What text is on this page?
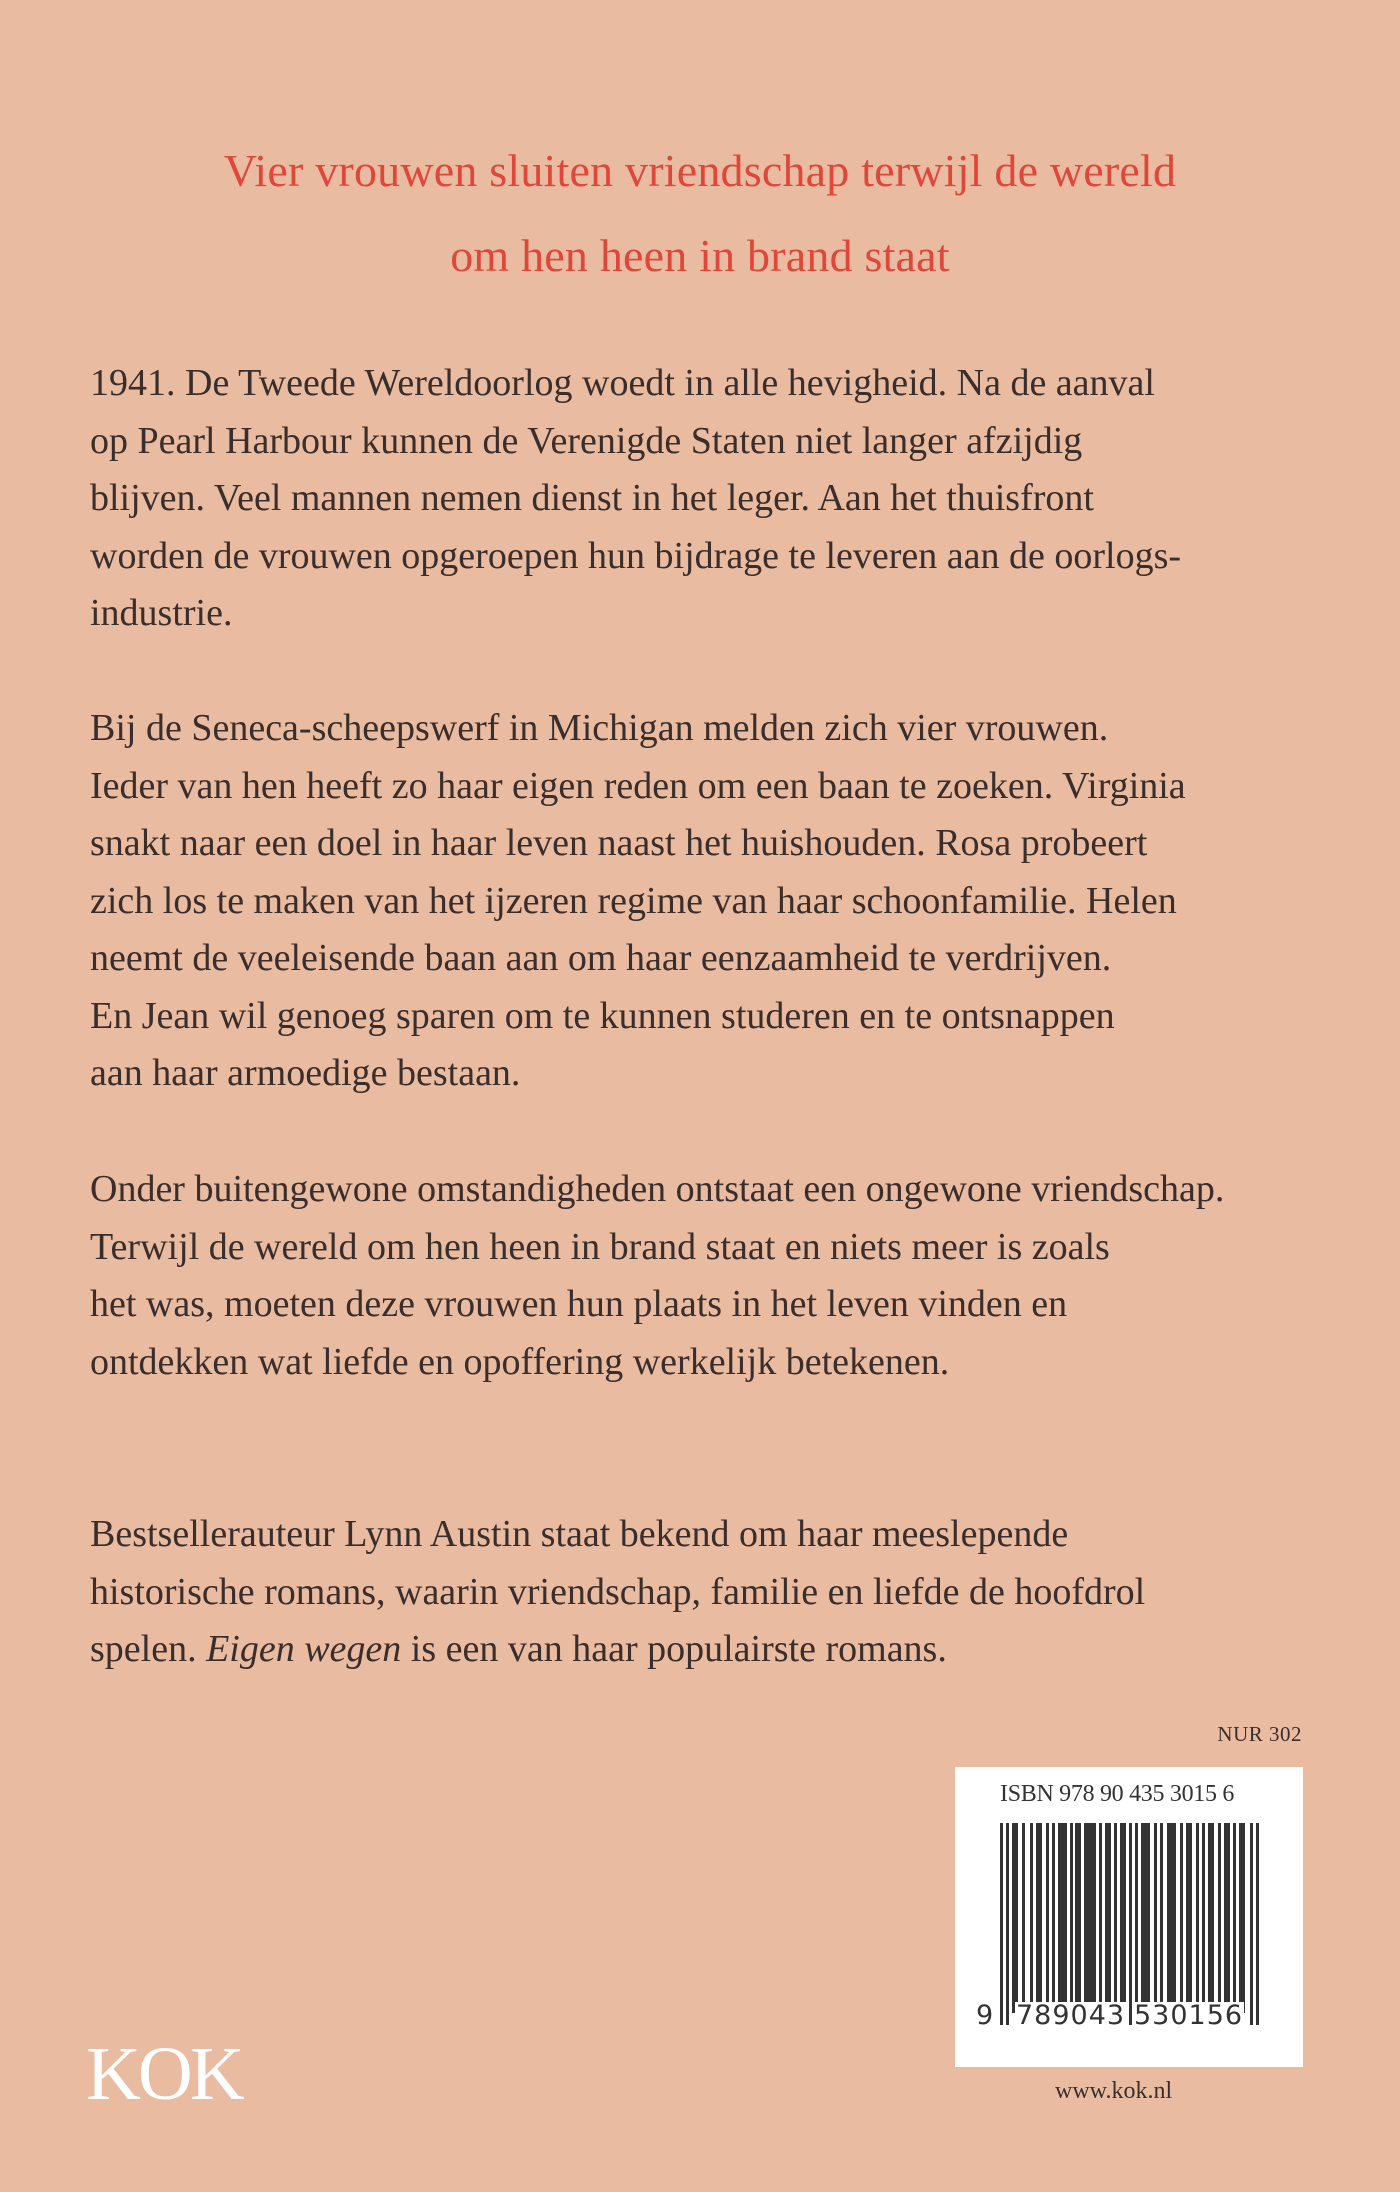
Vier vrouwen sluiten vriendschap terwijl de wereld
om hen heen in brand staat
1941. De Tweede Wereldoorlog woedt in alle hevigheid. Na de aanval
op Pearl Harbour kunnen de Verenigde Staten niet langer afzijdig
blijven. Veel mannen nemen dienst in het leger. Aan het thuisfront
worden de vrouwen opgeroepen hun bijdrage te leveren aan de oorlogs-
industrie.
Bij de Seneca-scheepswerf in Michigan melden zich vier vrouwen.
Ieder van hen heeft zo haar eigen reden om een baan te zoeken. Virginia
snakt naar een doel in haar leven naast het huishouden. Rosa probeert
zich los te maken van het ijzeren regime van haar schoonfamilie. Helen
neemt de veeleisende baan aan om haar eenzaamheid te verdrijven.
En Jean wil genoeg sparen om te kunnen studeren en te ontsnappen
aan haar armoedige bestaan.
Onder buitengewone omstandigheden ontstaat een ongewone vriendschap.
Terwijl de wereld om hen heen in brand staat en niets meer is zoals
het was, moeten deze vrouwen hun plaats in het leven vinden en
ontdekken wat liefde en opoffering werkelijk betekenen.
Bestsellerauteur Lynn Austin staat bekend om haar meeslepende
historische romans, waarin vriendschap, familie en liefde de hoofdrol
spelen. Eigen wegen is een van haar populairste romans.
NUR 302
ISBN 978 90 435 3015 6
9 789043 530156
www.kok.nl
KOK
